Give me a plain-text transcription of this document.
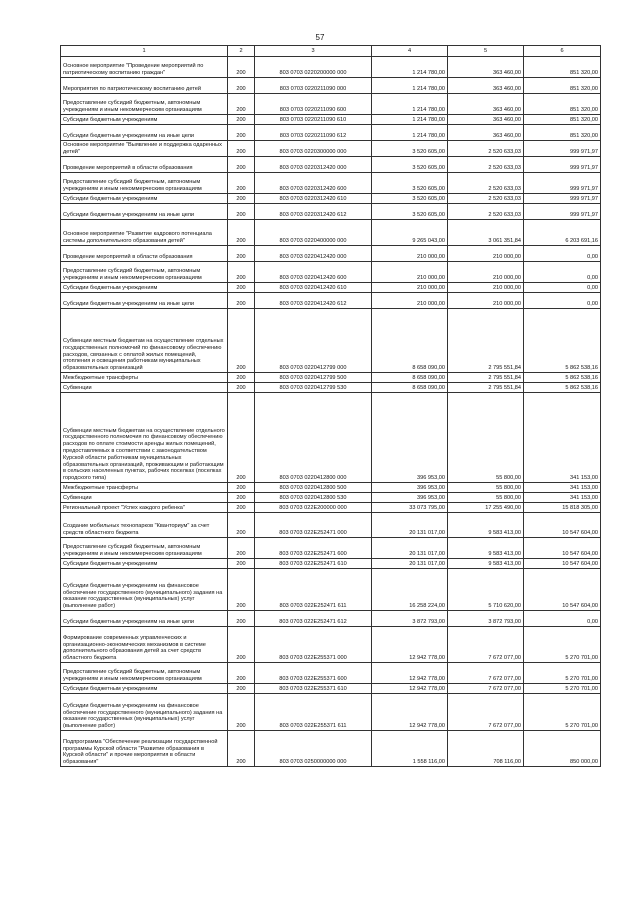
57
1	2	3	4	5	6
Основное мероприятие "Проведение мероприятий по патриотическому воспитанию граждан"	200	803 0703 0220200000 000	1 214 780,00	363 460,00	851 320,00
Мероприятия по патриотическому воспитанию детей	200	803 0703 0220211090 000	1 214 780,00	363 460,00	851 320,00
Предоставление субсидий бюджетным, автономным учреждениям и иным некоммерческим организациям	200	803 0703 0220211090 600	1 214 780,00	363 460,00	851 320,00
Субсидии бюджетным учреждениям	200	803 0703 0220211090 610	1 214 780,00	363 460,00	851 320,00
Субсидии бюджетным учреждениям на иные цели	200	803 0703 0220211090 612	1 214 780,00	363 460,00	851 320,00
Основное мероприятие "Выявление и поддержка одаренных детей"	200	803 0703 0220300000 000	3 520 605,00	2 520 633,03	999 971,97
Проведение мероприятий в области образования	200	803 0703 0220312420 000	3 520 605,00	2 520 633,03	999 971,97
Предоставление субсидий бюджетным, автономным учреждениям и иным некоммерческим организациям	200	803 0703 0220312420 600	3 520 605,00	2 520 633,03	999 971,97
Субсидии бюджетным учреждениям	200	803 0703 0220312420 610	3 520 605,00	2 520 633,03	999 971,97
Субсидии бюджетным учреждениям на иные цели	200	803 0703 0220312420 612	3 520 605,00	2 520 633,03	999 971,97
Основное мероприятие "Развитие кадрового потенциала системы дополнительного образования детей"	200	803 0703 0220400000 000	9 265 043,00	3 061 351,84	6 203 691,16
Проведение мероприятий в области образования	200	803 0703 0220412420 000	210 000,00	210 000,00	0,00
Предоставление субсидий бюджетным, автономным учреждениям и иным некоммерческим организациям	200	803 0703 0220412420 600	210 000,00	210 000,00	0,00
Субсидии бюджетным учреждениям	200	803 0703 0220412420 610	210 000,00	210 000,00	0,00
Субсидии бюджетным учреждениям на иные цели	200	803 0703 0220412420 612	210 000,00	210 000,00	0,00
Субвенции местным бюджетам на осуществление отдельных государственных полномочий по финансовому обеспечению расходов, связанных с оплатой жилых помещений, отопления и освещения работникам муниципальных образовательных организаций	200	803 0703 0220412799 000	8 658 090,00	2 795 551,84	5 862 538,16
Межбюджетные трансферты	200	803 0703 0220412799 500	8 658 090,00	2 795 551,84	5 862 538,16
Субвенции	200	803 0703 0220412799 530	8 658 090,00	2 795 551,84	5 862 538,16
Субвенции местным бюджетам на осуществление отдельного государственного полномочия по финансовому обеспечению расходов по оплате стоимости аренды жилых помещений, предоставляемых в соответствии с законодательством Курской области работникам муниципальных образовательных организаций, проживающим и работающим в сельских населенных пунктах, рабочих поселках (поселках городского типа)	200	803 0703 0220412800 000	396 953,00	55 800,00	341 153,00
Межбюджетные трансферты	200	803 0703 0220412800 500	396 953,00	55 800,00	341 153,00
Субвенции	200	803 0703 0220412800 530	396 953,00	55 800,00	341 153,00
Региональный проект "Успех каждого ребенка"	200	803 0703 022E200000 000	33 073 795,00	17 255 490,00	15 818 305,00
Создание мобильных технопарков "Кванториум" за счет средств областного бюджета	200	803 0703 022E252471 000	20 131 017,00	9 583 413,00	10 547 604,00
Предоставление субсидий бюджетным, автономным учреждениям и иным некоммерческим организациям	200	803 0703 022E252471 600	20 131 017,00	9 583 413,00	10 547 604,00
Субсидии бюджетным учреждениям	200	803 0703 022E252471 610	20 131 017,00	9 583 413,00	10 547 604,00
Субсидии бюджетным учреждениям на финансовое обеспечение государственного (муниципального) задания на оказание государственных (муниципальных) услуг (выполнение работ)	200	803 0703 022E252471 611	16 258 224,00	5 710 620,00	10 547 604,00
Субсидии бюджетным учреждениям на иные цели	200	803 0703 022E252471 612	3 872 793,00	3 872 793,00	0,00
Формирование современных управленческих и организационно-экономических механизмов в системе дополнительного образования детей за счет средств областного бюджета	200	803 0703 022E255371 000	12 942 778,00	7 672 077,00	5 270 701,00
Предоставление субсидий бюджетным, автономным учреждениям и иным некоммерческим организациям	200	803 0703 022E255371 600	12 942 778,00	7 672 077,00	5 270 701,00
Субсидии бюджетным учреждениям	200	803 0703 022E255371 610	12 942 778,00	7 672 077,00	5 270 701,00
Субсидии бюджетным учреждениям на финансовое обеспечение государственного (муниципального) задания на оказание государственных (муниципальных) услуг (выполнение работ)	200	803 0703 022E255371 611	12 942 778,00	7 672 077,00	5 270 701,00
Подпрограмма "Обеспечение реализации государственной программы Курской области "Развитие образования в Курской области" и прочие мероприятия в области образования"	200	803 0703 0250000000 000	1 558 116,00	708 116,00	850 000,00
